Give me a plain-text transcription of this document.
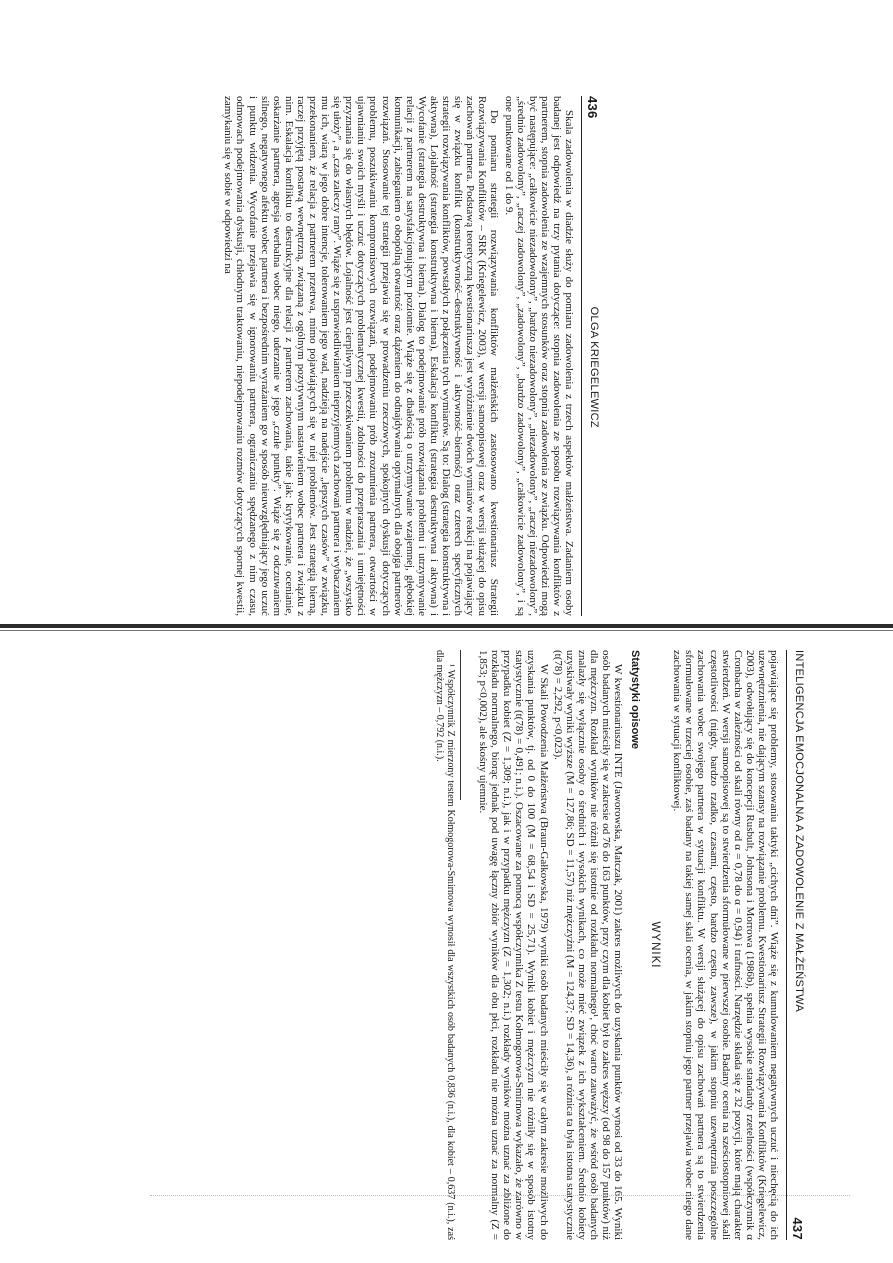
436
OLGA KRIEGELEWICZ

Skala zadowolenia w diadzie służy do pomiaru zadowolenia z trzech aspektów małżeństwa. Zadaniem osoby badanej jest odpowiedź na trzy pytania dotyczące: stopnia zadowolenia ze sposobu rozwiązywania konfliktów z partnerem, stopnia zadowolenia ze wzajemnych stosunków oraz stopnia zadowolenia ze związku. Odpowiedzi mogą być następujące: „całkowicie niezadowolony”, „bardzo niezadowolony”, „niezadowolony”, „raczej niezadowolony”, „średnio zadowolony”, „raczej zadowolony”, „zadowolony”, „bardzo zadowolony”, „całkowicie zadowolony”, i są one punktowane od 1 do 9.

Do pomiaru strategii rozwiązywania konfliktów małżeńskich zastosowano kwestionariusz Strategii Rozwiązywania Konfliktów – SRK (Kriegelewicz, 2003), w wersji samoopisowej oraz w wersji służącej do opisu zachowań partnera. Podstawą teoretyczną kwestionariusza jest wyróżnienie dwóch wymiarów reakcji na pojawiający się w związku konflikt (konstruktywność–destruktywność i aktywność–bierność) oraz czterech specyficznych strategii rozwiązywania konfliktów, powstałych z połączenia tych wymiarów. Są to: Dialog (strategia konstruktywna i aktywna), Lojalność (strategia konstruktywna i bierna), Eskalacja konfliktu (strategia destruktywna i aktywna) i Wycofanie (strategia destruktywna i bierna). Dialog to podejmowanie prób rozwiązania problemu i utrzymywanie relacji z partnerem na satysfakcjonującym poziomie. Wiąże się z dbałością o utrzymywanie wzajemnej, głębokiej komunikacji, zabieganiem o obopólną otwartość oraz dążeniem do odnajdywania optymalnych dla obojga partnerów rozwiązań. Stosowanie tej strategii przejawia się w prowadzeniu rzeczowych, spokojnych dyskusji dotyczących problemu, poszukiwaniu kompromisowych rozwiązań, podejmowaniu prób zrozumienia partnera, otwartości w ujawnianiu swoich myśli i uczuć dotyczących problematycznej kwestii, zdolności do przepraszania i umiejętności przyznania się do własnych błędów. Lojalność jest cierpliwym przeczekiwaniem problemu w nadziei, że „wszystko się ułoży”, a „czas zaleczy rany”. Wiąże się z usprawiedliwianiem nieprzyjemnych zachowań partnera i wybaczaniem mu ich, wiarą w jego dobre intencje, tolerowaniem jego wad, nadzieją na nadejście „lepszych czasów” w związku, przekonaniem, że relacja z partnerem przetrwa, mimo pojawiających się w niej problemów. Jest strategią bierną, raczej przyjętą postawą wewnętrzną, związaną z ogólnym pozytywnym nastawieniem wobec partnera i związku z nim. Eskalacja konfliktu to destrukcyjne dla relacji z partnerem zachowania, takie jak: krytykowanie, ocenianie, oskarżanie partnera, agresja werbalna wobec niego, uderzanie w jego „czułe punkty”. Wiąże się z odczuwaniem silnego, negatywnego afektu wobec partnera i bezpośrednim wyrażaniem go w sposób nieuwzględniający jego uczuć i punktu widzenia. Wycofanie przejawia się w ignorowaniu partnera, ograniczaniu spędzanego z nim czasu, odmowach podejmowania dyskusji, chłodnym traktowaniu, niepodejmowaniu rozmów dotyczących spornej kwestii, zamykaniu się w sobie w odpowiedzi na

INTELIGENCJA EMOCJONALNA A ZADOWOLENIE Z MAŁŻEŃSTWA
437

pojawiające się problemy, stosowaniu taktyki „cichych dni”. Wiąże się z kumulowaniem negatywnych uczuć i niechęcią do ich uzewnętrznienia, nie dającym szansy na rozwiązanie problemu. Kwestionariusz Strategii Rozwiązywania Konfliktów (Kriegelewicz, 2003), odwołujący się do koncepcji Rusbult, Johnsona i Morrowa (1986b), spełnia wysokie standardy rzetelności (współczynnik α Cronbacha w zależności od skali równy od α = 0,78 do α = 0,94) i trafności. Narzędzie składa się z 32 pozycji, które mają charakter stwierdzeń. W wersji samoopisowej są to stwierdzenia sformułowane w pierwszej osobie. Badany ocenia na sześciostopniowej skali częstotliwości (nigdy, bardzo rzadko, czasami, często, bardzo często, zawsze), w jakim stopniu uzewnętrznia poszczególne zachowania wobec swojego partnera w sytuacji konfliktu. W wersji służącej do opisu zachowań partnera są to stwierdzenia sformułowane w trzeciej osobie, zaś badany na takiej samej skali ocenia, w jakim stopniu jego partner przejawia wobec niego dane zachowania w sytuacji konfliktowej.

WYNIKI
Statystyki opisowe

W kwestionariuszu INTE (Jaworowska, Matczak, 2001) zakres możliwych do uzyskania punktów wynosi od 33 do 165. Wyniki osób badanych mieściły się w zakresie od 76 do 163 punktów, przy czym dla kobiet był to zakres węższy (od 98 do 157 punktów) niż dla mężczyzn. Rozkład wyników nie różnił się istotnie od rozkładu normalnego¹, choć warto zauważyć, że wśród osób badanych znalazły się wyłącznie osoby o średnich i wysokich wynikach, co może mieć związek z ich wykształceniem. Średnio kobiety uzyskiwały wyniki wyższe (M = 127,86; SD = 11,57) niż mężczyźni (M = 124,37; SD = 14,36), a różnica ta była istotna statystycznie (t(78) = 2,292, p<0,023).

W Skali Powodzenia Małżeństwa (Braun-Gałkowska, 1979) wyniki osób badanych mieściły się w całym zakresie możliwych do uzyskania punktów, tj. od 0 do 100 (M = 68,54 i SD = 25,71). Wyniki kobiet i mężczyzn nie różniły się w sposób istotny statystycznie (t(78) = 0,491; n.i.). Oszacowane za pomocą współczynnika Z testu Kołmogorowa-Smirnowa wykazało, że zarówno w przypadku kobiet (Z = 1,309; n.i.), jak i w przypadku mężczyzn (Z = 1,302; n.i.) rozkłady wyników można uznać za zbliżone do rozkładu normalnego, biorąc jednak pod uwagę łączny zbiór wyników dla obu płci, rozkładu nie można uznać za normalny (Z = 1,853; p<0,002), ale skośny ujemnie.

¹ Współczynnik Z mierzony testem Kołmogorowa-Smirnowa wynosił dla wszystkich osób badanych 0,836 (n.i.), dla kobiet – 0,637 (n.i.), zaś dla mężczyzn – 0,792 (n.i.).
